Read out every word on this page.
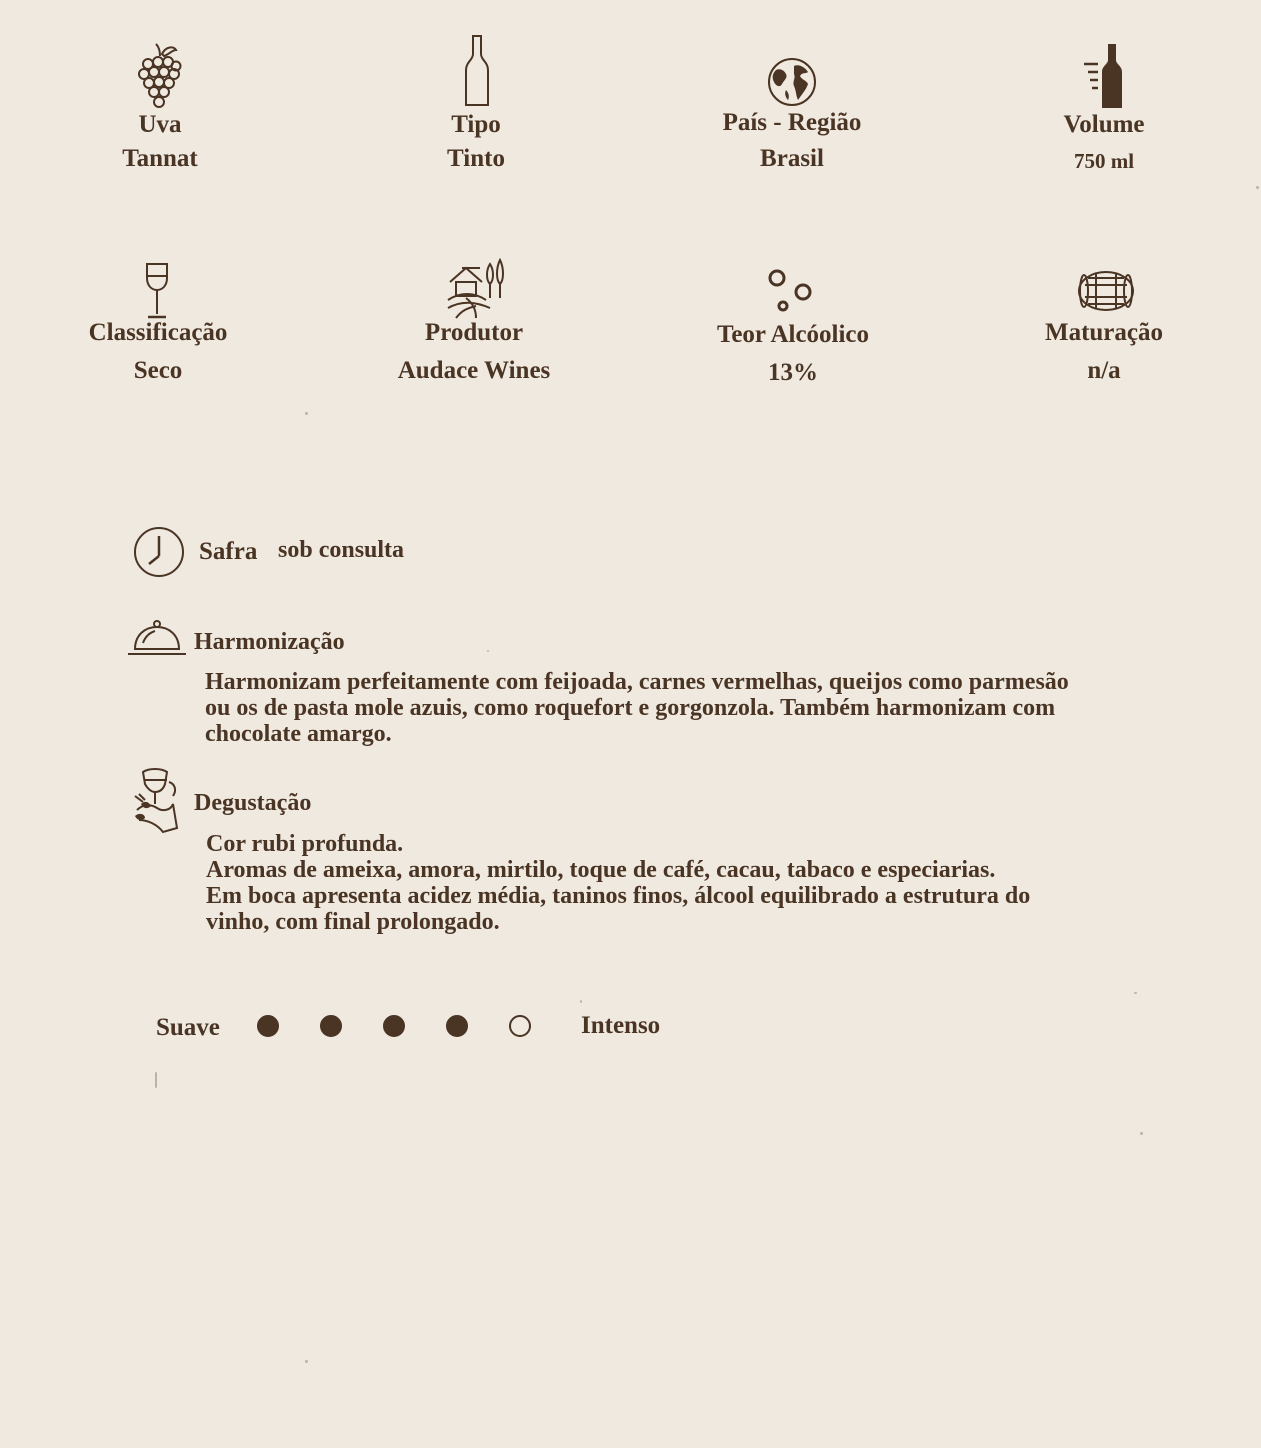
Uva
Tannat
Tipo
Tinto
País - Região
Brasil
Volume
750 ml
Classificação
Seco
Produtor
Audace Wines
Teor Alcóolico
13%
Maturação
n/a
Safra sob consulta
Harmonização
Harmonizam perfeitamente com feijoada, carnes vermelhas, queijos como parmesão
ou os de pasta mole azuis, como roquefort e gorgonzola. Também harmonizam com
chocolate amargo.
Degustação
Cor rubi profunda.
Aromas de ameixa, amora, mirtilo, toque de café, cacau, tabaco e especiarias.
Em boca apresenta acidez média, taninos finos, álcool equilibrado a estrutura do
vinho, com final prolongado.
Suave	Intenso
